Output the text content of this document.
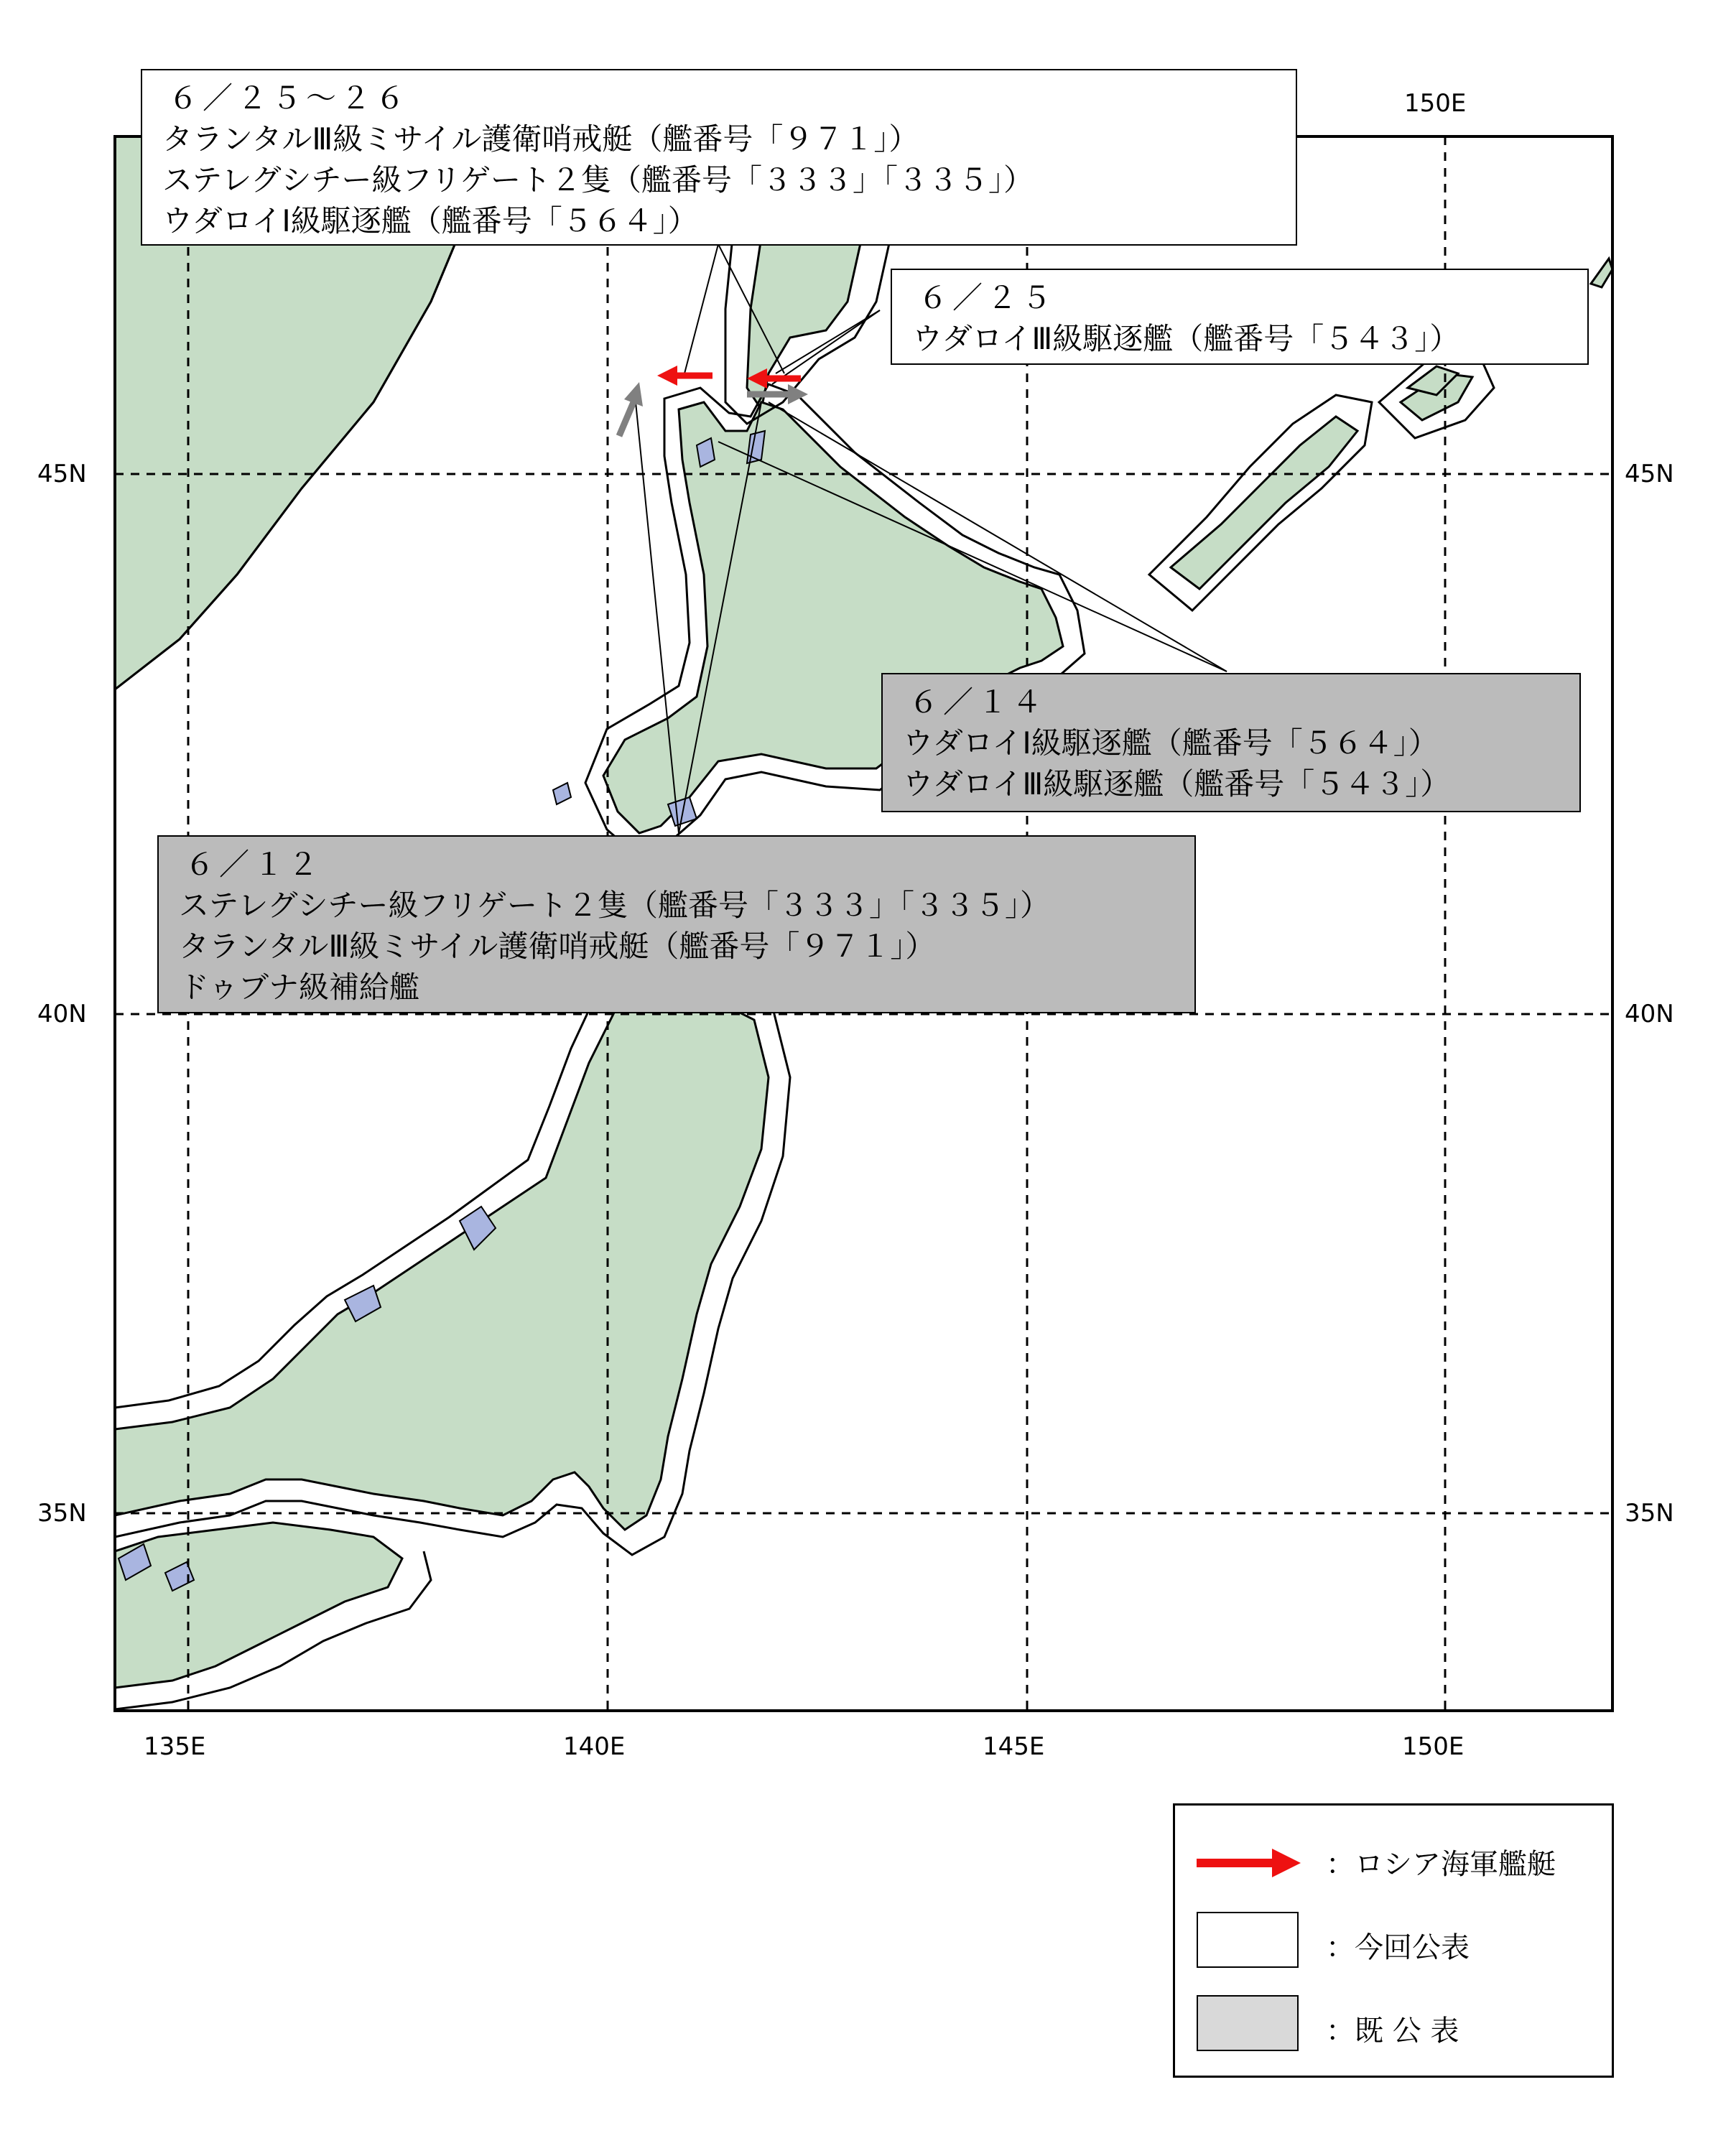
150E
135E	140E	145E	150E
45N
40N
35N
45N
40N
35N
６／２５～２６
タランタルⅢ級ミサイル護衛哨戒艇（艦番号「９７１」）
ステレグシチー級フリゲート２隻（艦番号「３３３」「３３５」）
ウダロイⅠ級駆逐艦（艦番号「５６４」）
６／２５
ウダロイⅢ級駆逐艦（艦番号「５４３」）
６／１４
ウダロイⅠ級駆逐艦（艦番号「５６４」）
ウダロイⅢ級駆逐艦（艦番号「５４３」）
６／１２
ステレグシチー級フリゲート２隻（艦番号「３３３」「３３５」）
タランタルⅢ級ミサイル護衛哨戒艇（艦番号「９７１」）
ドゥブナ級補給艦
：ロシア海軍艦艇
：今回公表
：既 公 表
